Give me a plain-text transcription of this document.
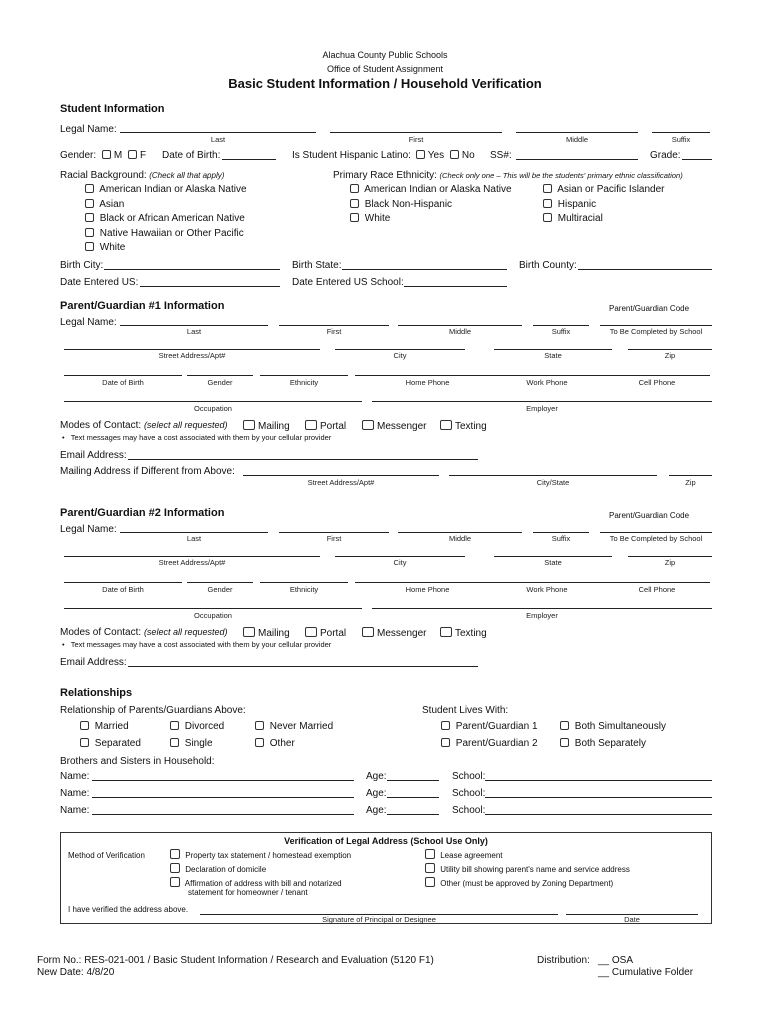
Alachua County Public Schools
Office of Student Assignment
Basic Student Information / Household Verification
Student Information
Legal Name:
Last	First	Middle	Suffix
Gender: M F Date of Birth:	Is Student Hispanic Latino: Yes No SS#:	Grade:
Racial Background: (Check all that apply)
American Indian or Alaska Native
Asian
Black or African American Native
Native Hawaiian or Other Pacific
White
Primary Race Ethnicity: (Check only one – This will be the students' primary ethnic classification)
American Indian or Alaska Native
Black Non-Hispanic
White
Asian or Pacific Islander
Hispanic
Multiracial
Birth City:	Birth State:	Birth County:
Date Entered US:	Date Entered US School:
Parent/Guardian #1 Information	Parent/Guardian Code
Legal Name:
Last	First	Middle	Suffix	To Be Completed by School
Street Address/Apt#	City	State	Zip
Date of Birth	Gender	Ethnicity	Home Phone	Work Phone	Cell Phone
Occupation	Employer
Modes of Contact: (select all requested)	Mailing	Portal	Messenger	Texting
•   Text messages may have a cost associated with them by your cellular provider
Email Address:
Mailing Address if Different from Above:
Street Address/Apt#	City/State	Zip
Parent/Guardian #2 Information	Parent/Guardian Code
Legal Name:
Last	First	Middle	Suffix	To Be Completed by School
Street Address/Apt#	City	State	Zip
Date of Birth	Gender	Ethnicity	Home Phone	Work Phone	Cell Phone
Occupation	Employer
Modes of Contact: (select all requested)	Mailing	Portal	Messenger	Texting
•   Text messages may have a cost associated with them by your cellular provider
Email Address:
Relationships
Relationship of Parents/Guardians Above:
Married	Divorced	Never Married
Separated	Single	Other
Student Lives With:
Parent/Guardian 1	Both Simultaneously
Parent/Guardian 2	Both Separately
Brothers and Sisters in Household:
Name:	Age:	School:
Name:	Age:	School:
Name:	Age:	School:
Verification of Legal Address (School Use Only)
Method of Verification	Property tax statement / homestead exemption
Declaration of domicile
Affirmation of address with bill and notarized
statement for homeowner / tenant
Lease agreement
Utility bill showing parent's name and service address
Other (must be approved by Zoning Department)
I have verified the address above.
Signature of Principal or Designee	Date
Form No.: RES-021-001 / Basic Student Information / Research and Evaluation (5120 F1)
New Date: 4/8/20
Distribution: __ OSA
__ Cumulative Folder
